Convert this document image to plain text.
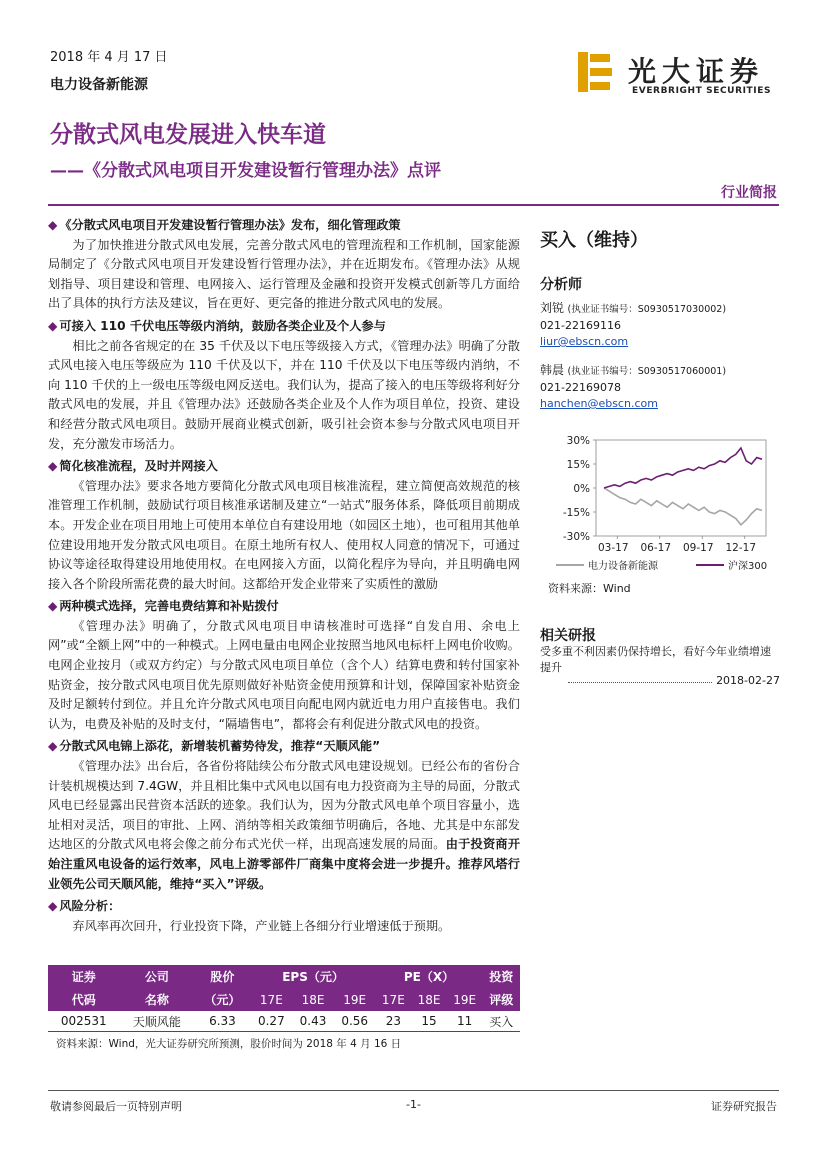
2018 年 4 月 17 日
电力设备新能源	光大证券
EVERBRIGHT SECURITIES
分散式风电发展进入快车道
——《分散式风电项目开发建设暂行管理办法》点评
行业简报
◆ 《分散式风电项目开发建设暂行管理办法》发布，细化管理政策

为了加快推进分散式风电发展，完善分散式风电的管理流程和工作机制，国家能源局制定了《分散式风电项目开发建设暂行管理办法》，并在近期发布。《管理办法》从规划指导、项目建设和管理、电网接入、运行管理及金融和投资开发模式创新等几方面给出了具体的执行方法及建议，旨在更好、更完备的推进分散式风电的发展。

◆ 可接入 110 千伏电压等级内消纳，鼓励各类企业及个人参与

相比之前各省规定的在 35 千伏及以下电压等级接入方式，《管理办法》明确了分散式风电接入电压等级应为 110 千伏及以下，并在 110 千伏及以下电压等级内消纳，不向 110 千伏的上一级电压等级电网反送电。我们认为，提高了接入的电压等级将利好分散式风电的发展，并且《管理办法》还鼓励各类企业及个人作为项目单位，投资、建设和经营分散式风电项目。鼓励开展商业模式创新，吸引社会资本参与分散式风电项目开发，充分激发市场活力。

◆ 简化核准流程，及时并网接入

《管理办法》要求各地方要简化分散式风电项目核准流程，建立简便高效规范的核准管理工作机制，鼓励试行项目核准承诺制及建立“一站式”服务体系，降低项目前期成本。开发企业在项目用地上可使用本单位自有建设用地（如园区土地），也可租用其他单位建设用地开发分散式风电项目。在原土地所有权人、使用权人同意的情况下，可通过协议等途径取得建设用地使用权。在电网接入方面，以简化程序为导向，并且明确电网接入各个阶段所需花费的最大时间。这都给开发企业带来了实质性的激励

◆ 两种模式选择，完善电费结算和补贴拨付

《管理办法》明确了，分散式风电项目申请核准时可选择“自发自用、余电上网”或“全额上网”中的一种模式。上网电量由电网企业按照当地风电标杆上网电价收购。电网企业按月（或双方约定）与分散式风电项目单位（含个人）结算电费和转付国家补贴资金，按分散式风电项目优先原则做好补贴资金使用预算和计划，保障国家补贴资金及时足额转付到位。并且允许分散式风电项目向配电网内就近电力用户直接售电。我们认为，电费及补贴的及时支付，“隔墙售电”，都将会有利促进分散式风电的投资。

◆ 分散式风电锦上添花，新增装机蓄势待发，推荐“天顺风能”

《管理办法》出台后，各省份将陆续公布分散式风电建设规划。已经公布的省份合计装机规模达到 7.4GW，并且相比集中式风电以国有电力投资商为主导的局面，分散式风电已经显露出民营资本活跃的迹象。我们认为，因为分散式风电单个项目容量小，选址相对灵活，项目的审批、上网、消纳等相关政策细节明确后，各地、尤其是中东部发达地区的分散式风电将会像之前分布式光伏一样，出现高速发展的局面。由于投资商开始注重风电设备的运行效率，风电上游零部件厂商集中度将会进一步提升。推荐风塔行业领先公司天顺风能，维持“买入”评级。

◆ 风险分析：

弃风率再次回升，行业投资下降，产业链上各细分行业增速低于预期。

买入（维持）
分析师
刘锐 (执业证书编号：S0930517030002)
021-22169116
liur@ebscn.com
韩晨 (执业证书编号：S0930517060001)
021-22169078
hanchen@ebscn.com
30%
15%
0%
-15%
-30%
03-17 06-17 09-17 12-17
电力设备新能源	沪深300
资料来源：Wind
相关研报
受多重不利因素仍保持增长，看好今年业绩增速提升
2018-02-27
证券	公司	股价	EPS（元）			PE（X）			投资
代码	名称	（元）	17E	18E	19E	17E	18E	19E	评级
002531	天顺风能	6.33	0.27	0.43	0.56	23	15	11	买入
资料来源：Wind，光大证券研究所预测，股价时间为 2018 年 4 月 16 日
敬请参阅最后一页特别声明	-1-	证券研究报告
